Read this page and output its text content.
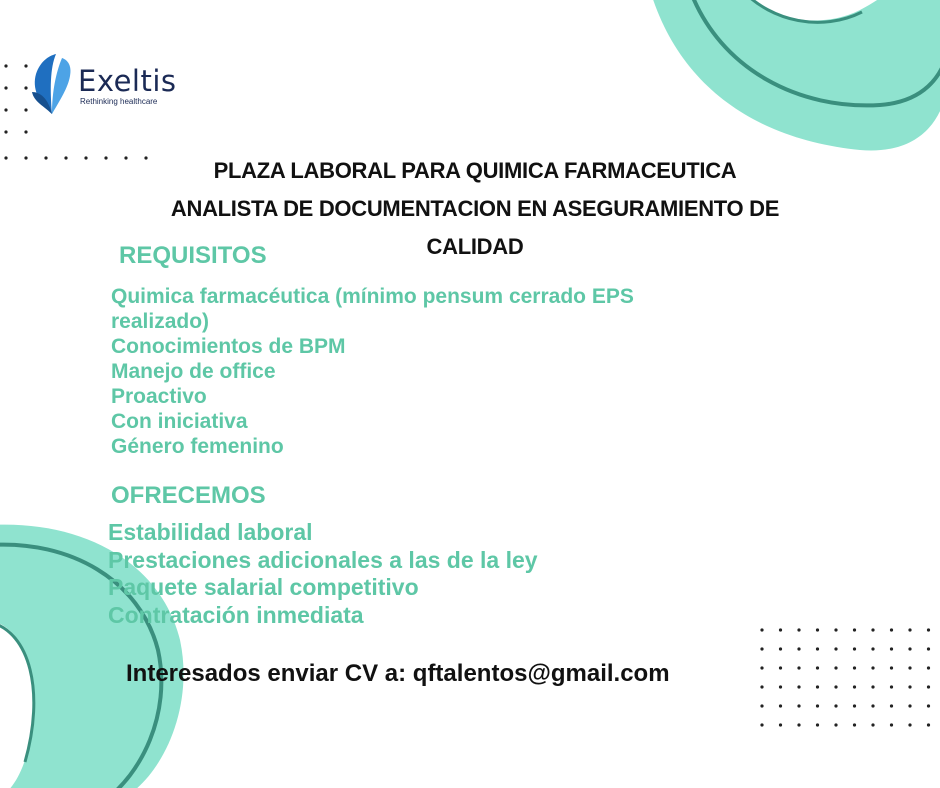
Exeltis
Rethinking healthcare
PLAZA LABORAL PARA QUIMICA FARMACEUTICA
ANALISTA DE DOCUMENTACION EN ASEGURAMIENTO DE
CALIDAD
REQUISITOS
Quimica farmacéutica (mínimo pensum cerrado EPS
realizado)
Conocimientos de BPM
Manejo de office
Proactivo
Con iniciativa
Género femenino
OFRECEMOS
Estabilidad laboral
Prestaciones adicionales a las de la ley
Paquete salarial competitivo
Contratación inmediata
Interesados enviar CV a: qftalentos@gmail.com
